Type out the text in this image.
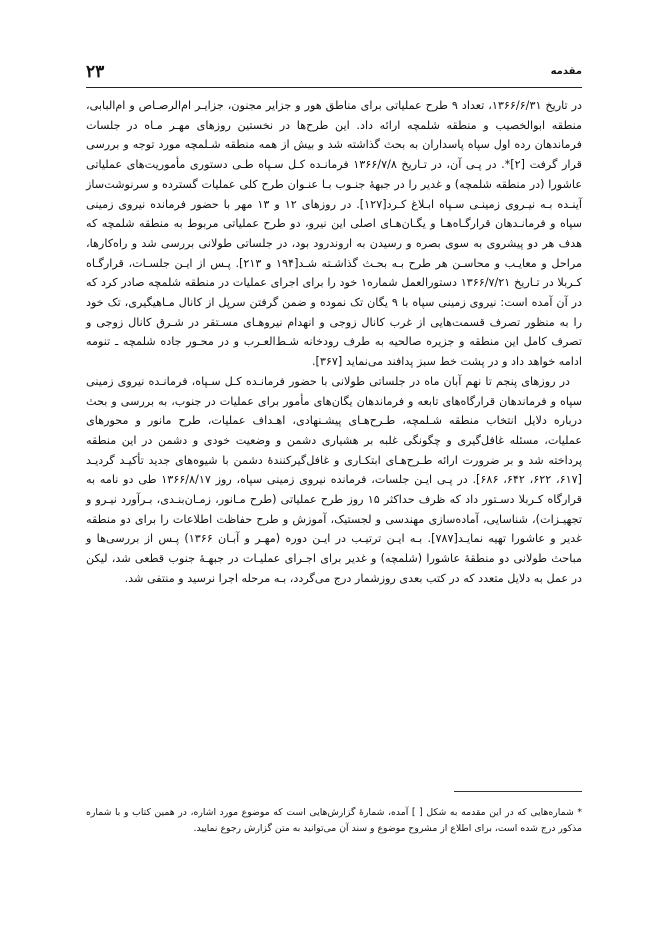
۲۳	مقدمه

در تاریخ ۱۳۶۶/۶/۳۱، تعداد ۹ طرح عملیاتی برای مناطق هور و جزایر مجنون، جزایـر ام‌الرصـاص و ام‌البابی، منطقه ابوالخصیب و منطقه شلمچه ارائه داد. این طرح‌ها در نخستین روزهای مهـر مـاه در جلسات فرماندهان رده اول سپاه پاسداران به بحث گذاشته شد و بیش از همه منطقه شـلمچه مورد توجه و بررسی قرار گرفت [۲]*. در پـی آن، در تـاریخ ۱۳۶۶/۷/۸ فرمانـده کـل سـپاه طـی دستوری مأموریت‌های عملیاتی عاشورا (در منطقه شلمچه) و غدیر را در جبههٔ جنـوب بـا عنـوان طرح کلی عملیات گسترده و سرنوشت‌ساز آینـده بـه نیـروی زمینـی سـپاه ابـلاغ کـرد[۱۲۷]. در روزهای ۱۲ و ۱۳ مهر با حضور فرمانده نیروی زمینی سپاه و فرمانـدهان قرارگـاه‌هـا و یگـان‌هـای اصلی این نیرو، دو طرح عملیاتی مربوط به منطقه شلمچه که هدف هر دو پیشروی به سوی بصره و رسیدن به اروندرود بود، در جلساتی طولانی بررسی شد و راه‌کارها، مراحل و معایـب و محاسـن هر طرح بـه بحـث گذاشـته شـد[۱۹۴ و ۲۱۳]. پـس از ایـن جلسـات، قرارگـاه کـربلا در تـاریخ ۱۳۶۶/۷/۲۱ دستورالعمل شماره۱ خود را برای اجرای عملیات در منطقه شلمچه صادر کرد که در آن آمده است: نیروی زمینی سپاه با ۹ یگان تک نموده و ضمن گرفتن سرپل از کانال مـاهیگیری، تک خود را به منظور تصرف قسمت‌هایی از غرب کانال زوجی و انهدام نیروهـای مسـتقر در شـرق کانال زوجی و تصرف کامل این منطقه و جزیره صالحیه به طرف رودخانه شـط‌العـرب و در محـور جاده شلمچه ـ تنومه ادامه خواهد داد و در پشت خط سبز پدافند می‌نماید [۳۶۷].

در روزهای پنجم تا نهم آبان ماه در جلساتی طولانی با حضور فرمانـده کـل سـپاه، فرمانـده نیروی زمینی سپاه و فرماندهان قرارگاه‌های تابعه و فرماندهان یگان‌های مأمور برای عملیات در جنوب، به بررسی و بحث درباره دلایل انتخاب منطقه شـلمچه، طـرح‌هـای پیشـنهادی، اهـداف عملیات، طرح مانور و محورهای عملیات، مسئله غافل‌گیری و چگونگی غلبه بر هشیاری دشمن و وضعیت خودی و دشمن در این منطقه پرداخته شد و بر ضرورت ارائه طـرح‌هـای ابتکـاری و غافل‌گیرکنندهٔ دشمن با شیوه‌های جدید تأکیـد گردیـد [۶۱۷، ۶۲۲، ۶۴۲، ۶۸۶]. در پـی ایـن جلسات، فرمانده نیروی زمینی سپاه، روز ۱۳۶۶/۸/۱۷ طی دو نامه به قرارگاه کـربلا دسـتور داد که ظرف حداکثر ۱۵ روز طرح عملیاتی (طرح مـانور، زمـان‌بنـدی، بـرآورد نیـرو و تجهیـزات)، شناسایی، آماده‌سازی مهندسی و لجستیک، آموزش و طرح حفاظت اطلاعات را برای دو منطقه غدیر و عاشورا تهیه نمایـد[۷۸۷]. بـه ایـن ترتیـب در ایـن دوره (مهـر و آبـان ۱۳۶۶) پـس از بررسی‌ها و مباحث طولانی دو منطقهٔ عاشورا (شلمچه) و غدیر برای اجـرای عملیـات در جبهـهٔ جنوب قطعی شد، لیکن در عمل به دلایل متعدد که در کتب بعدی روزشمار درج می‌گردد، بـه مرحله اجرا نرسید و منتفی شد.

* شماره‌هایی که در این مقدمه به شکل [ ] آمده، شمارهٔ گزارش‌هایی است که موضوع مورد اشاره، در همین کتاب و با شماره مذکور درج شده است، برای اطلاع از مشروح موضوع و سند آن می‌توانید به متن گزارش رجوع نمایید.
